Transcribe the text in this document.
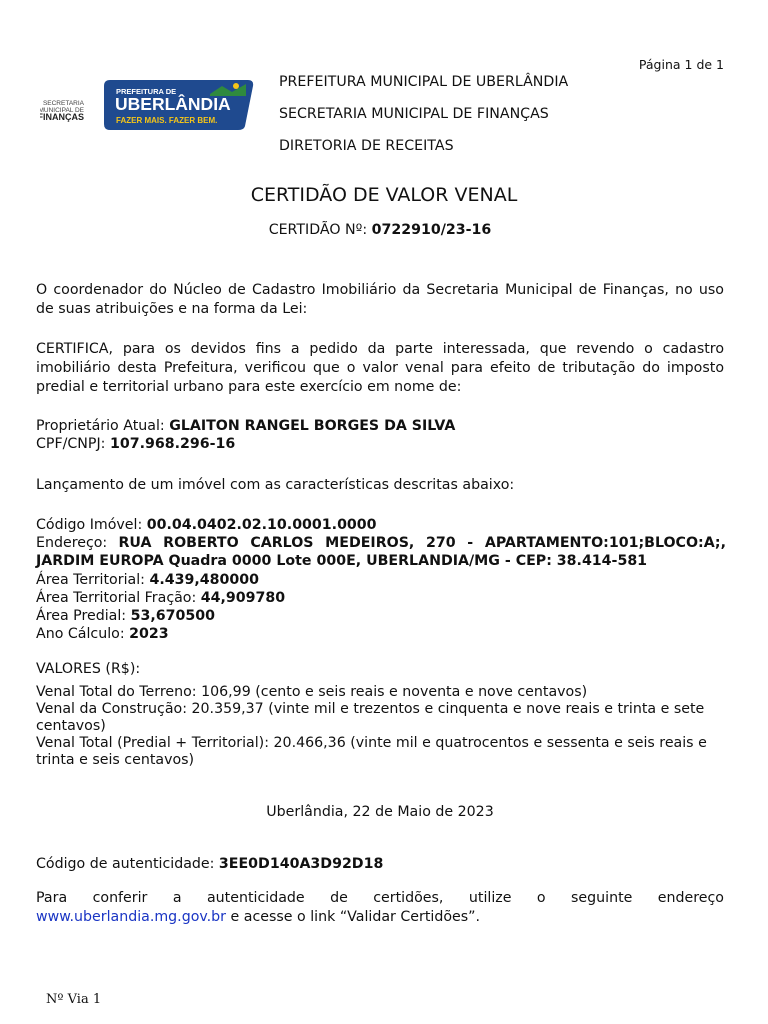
Página 1 de 1
SECRETARIA
MUNICIPAL DE
FINANÇAS
PREFEITURA DE
UBERLÂNDIA
FAZER MAIS. FAZER BEM.
PREFEITURA MUNICIPAL DE UBERLÂNDIA
SECRETARIA MUNICIPAL DE FINANÇAS
DIRETORIA DE RECEITAS
CERTIDÃO DE VALOR VENAL
CERTIDÃO Nº: 0722910/23-16
O coordenador do Núcleo de Cadastro Imobiliário da Secretaria Municipal de Finanças, no uso de suas atribuições e na forma da Lei:
CERTIFICA, para os devidos fins a pedido da parte interessada, que revendo o cadastro imobiliário desta Prefeitura, verificou que o valor venal para efeito de tributação do imposto predial e territorial urbano para este exercício em nome de:
Proprietário Atual: GLAITON RANGEL BORGES DA SILVA
CPF/CNPJ: 107.968.296-16
Lançamento de um imóvel com as características descritas abaixo:
Código Imóvel: 00.04.0402.02.10.0001.0000
Endereço: RUA ROBERTO CARLOS MEDEIROS, 270 - APARTAMENTO:101;BLOCO:A;, JARDIM EUROPA Quadra 0000 Lote 000E, UBERLANDIA/MG - CEP: 38.414-581
Área Territorial: 4.439,480000
Área Territorial Fração: 44,909780
Área Predial: 53,670500
Ano Cálculo: 2023
VALORES (R$):
Venal Total do Terreno: 106,99 (cento e seis reais e noventa e nove centavos)
Venal da Construção: 20.359,37 (vinte mil e trezentos e cinquenta e nove reais e trinta e sete centavos)
Venal Total (Predial + Territorial): 20.466,36 (vinte mil e quatrocentos e sessenta e seis reais e trinta e seis centavos)
Uberlândia, 22 de Maio de 2023
Código de autenticidade: 3EE0D140A3D92D18
Para conferir a autenticidade de certidões, utilize o seguinte endereço www.uberlandia.mg.gov.br e acesse o link “Validar Certidões”.
Nº Via 1
